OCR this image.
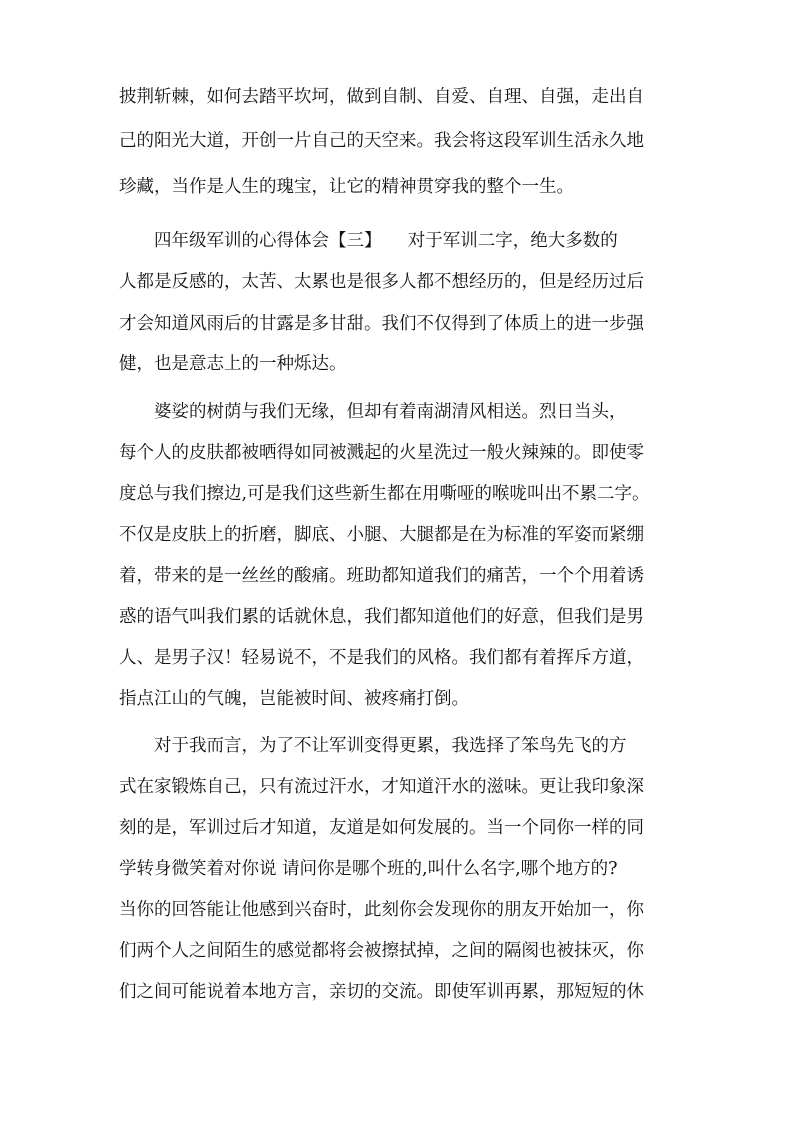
披荆斩棘，如何去踏平坎坷，做到自制、自爱、自理、自强，走出自
己的阳光大道，开创一片自己的天空来。我会将这段军训生活永久地
珍藏，当作是人生的瑰宝，让它的精神贯穿我的整个一生。
四年级军训的心得体会【三】　　对于军训二字，绝大多数的
人都是反感的，太苦、太累也是很多人都不想经历的，但是经历过后
才会知道风雨后的甘露是多甘甜。我们不仅得到了体质上的进一步强
健，也是意志上的一种烁达。
婆娑的树荫与我们无缘，但却有着南湖清风相送。烈日当头，
每个人的皮肤都被晒得如同被溅起的火星洗过一般火辣辣的。即使零
度总与我们擦边,可是我们这些新生都在用嘶哑的喉咙叫出不累二字。
不仅是皮肤上的折磨，脚底、小腿、大腿都是在为标准的军姿而紧绷
着，带来的是一丝丝的酸痛。班助都知道我们的痛苦，一个个用着诱
惑的语气叫我们累的话就休息，我们都知道他们的好意，但我们是男
人、是男子汉！轻易说不，不是我们的风格。我们都有着挥斥方道，
指点江山的气魄，岂能被时间、被疼痛打倒。
对于我而言，为了不让军训变得更累，我选择了笨鸟先飞的方
式在家锻炼自己，只有流过汗水，才知道汗水的滋味。更让我印象深
刻的是，军训过后才知道，友道是如何发展的。当一个同你一样的同
学转身微笑着对你说 请问你是哪个班的,叫什么名字,哪个地方的?
当你的回答能让他感到兴奋时，此刻你会发现你的朋友开始加一，你
们两个人之间陌生的感觉都将会被擦拭掉，之间的隔阂也被抹灭，你
们之间可能说着本地方言，亲切的交流。即使军训再累，那短短的休
